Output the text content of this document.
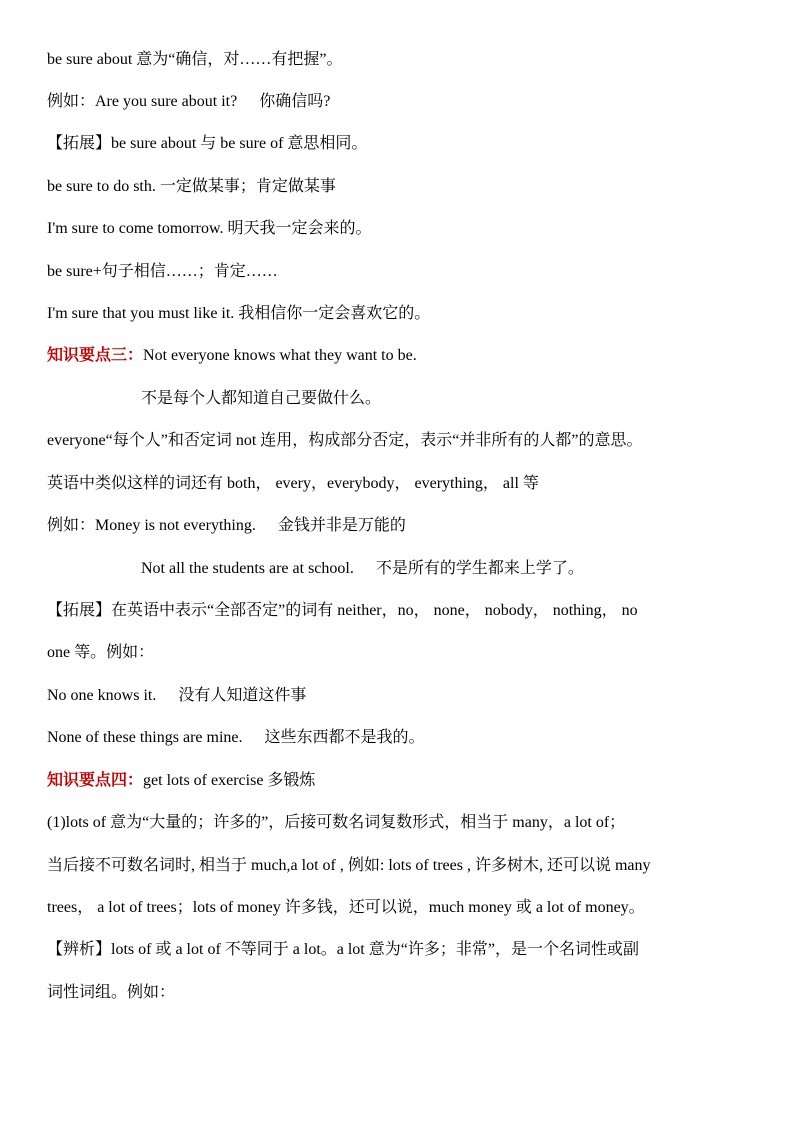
be sure about 意为“确信，对……有把握”。
例如：Are you sure about it? 你确信吗?
【拓展】be sure about 与 be sure of 意思相同。
be sure to do sth. 一定做某事；肯定做某事
I'm sure to come tomorrow. 明天我一定会来的。
be sure+句子相信……；肯定……
I'm sure that you must like it. 我相信你一定会喜欢它的。
知识要点三：Not everyone knows what they want to be.
不是每个人都知道自己要做什么。
everyone“每个人”和否定词 not 连用，构成部分否定，表示“并非所有的人都”的意思。
英语中类似这样的词还有 both， every，everybody， everything， all 等
例如：Money is not everything. 金钱并非是万能的
Not all the students are at school. 不是所有的学生都来上学了。
【拓展】在英语中表示“全部否定”的词有 neither，no， none， nobody， nothing， no
one 等。例如：
No one knows it. 没有人知道这件事
None of these things are mine. 这些东西都不是我的。
知识要点四：get lots of exercise 多锻炼
(1)lots of 意为“大量的；许多的”，后接可数名词复数形式，相当于 many，a lot of；
当后接不可数名词时, 相当于 much,a lot of , 例如: lots of trees , 许多树木, 还可以说 many
trees， a lot of trees；lots of money 许多钱，还可以说，much money 或 a lot of money。
【辨析】lots of 或 a lot of 不等同于 a lot。a lot 意为“许多；非常”，是一个名词性或副
词性词组。例如：
